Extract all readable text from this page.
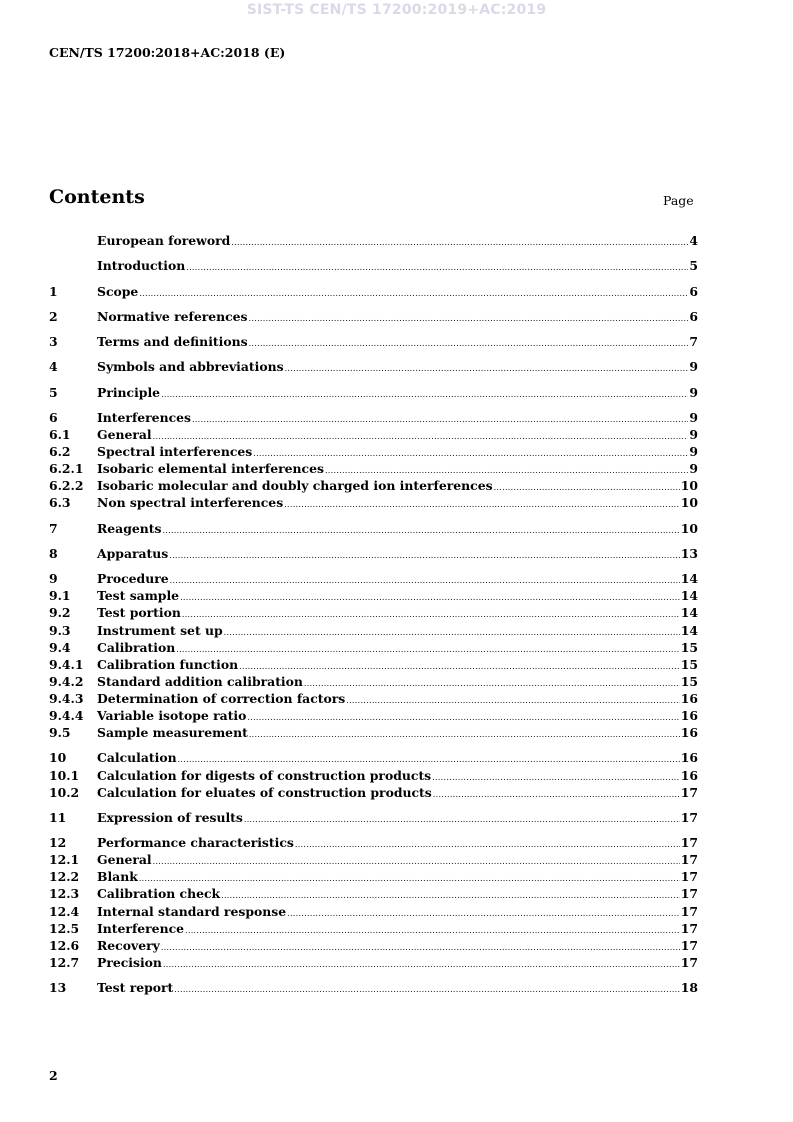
SIST-TS CEN/TS 17200:2019+AC:2019
CEN/TS 17200:2018+AC:2018 (E)
Contents	Page
European foreword .....	4
Introduction .....	5
1	Scope .....	6
2	Normative references .....	6
3	Terms and definitions .....	7
4	Symbols and abbreviations .....	9
5	Principle .....	9
6	Interferences .....	9
6.1	General .....	9
6.2	Spectral interferences .....	9
6.2.1	Isobaric elemental interferences .....	9
6.2.2	Isobaric molecular and doubly charged ion interferences .....	10
6.3	Non spectral interferences .....	10
7	Reagents .....	10
8	Apparatus .....	13
9	Procedure .....	14
9.1	Test sample .....	14
9.2	Test portion .....	14
9.3	Instrument set up .....	14
9.4	Calibration .....	15
9.4.1	Calibration function .....	15
9.4.2	Standard addition calibration .....	15
9.4.3	Determination of correction factors .....	16
9.4.4	Variable isotope ratio .....	16
9.5	Sample measurement .....	16
10	Calculation .....	16
10.1	Calculation for digests of construction products .....	16
10.2	Calculation for eluates of construction products .....	17
11	Expression of results .....	17
12	Performance characteristics .....	17
12.1	General .....	17
12.2	Blank .....	17
12.3	Calibration check .....	17
12.4	Internal standard response .....	17
12.5	Interference .....	17
12.6	Recovery .....	17
12.7	Precision .....	17
13	Test report .....	18
2
